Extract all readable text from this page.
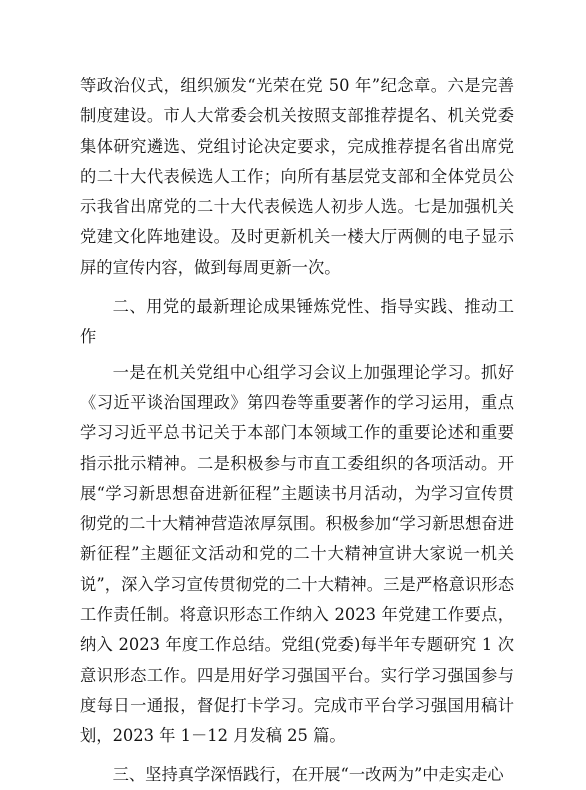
等政治仪式，组织颁发“光荣在党 50 年”纪念章。六是完善制度建设。市人大常委会机关按照支部推荐提名、机关党委集体研究遴选、党组讨论决定要求，完成推荐提名省出席党的二十大代表候选人工作；向所有基层党支部和全体党员公示我省出席党的二十大代表候选人初步人选。七是加强机关党建文化阵地建设。及时更新机关一楼大厅两侧的电子显示屏的宣传内容，做到每周更新一次。

二、用党的最新理论成果锤炼党性、指导实践、推动工作

一是在机关党组中心组学习会议上加强理论学习。抓好《习近平谈治国理政》第四卷等重要著作的学习运用，重点学习习近平总书记关于本部门本领域工作的重要论述和重要指示批示精神。二是积极参与市直工委组织的各项活动。开展“学习新思想奋进新征程”主题读书月活动，为学习宣传贯彻党的二十大精神营造浓厚氛围。积极参加“学习新思想奋进新征程”主题征文活动和党的二十大精神宣讲大家说一机关说”，深入学习宣传贯彻党的二十大精神。三是严格意识形态工作责任制。将意识形态工作纳入 2023 年党建工作要点，纳入 2023 年度工作总结。党组(党委)每半年专题研究 1 次意识形态工作。四是用好学习强国平台。实行学习强国参与度每日一通报，督促打卡学习。完成市平台学习强国用稿计划，2023 年 1－12 月发稿 25 篇。

三、坚持真学深悟践行，在开展“一改两为”中走实走心
